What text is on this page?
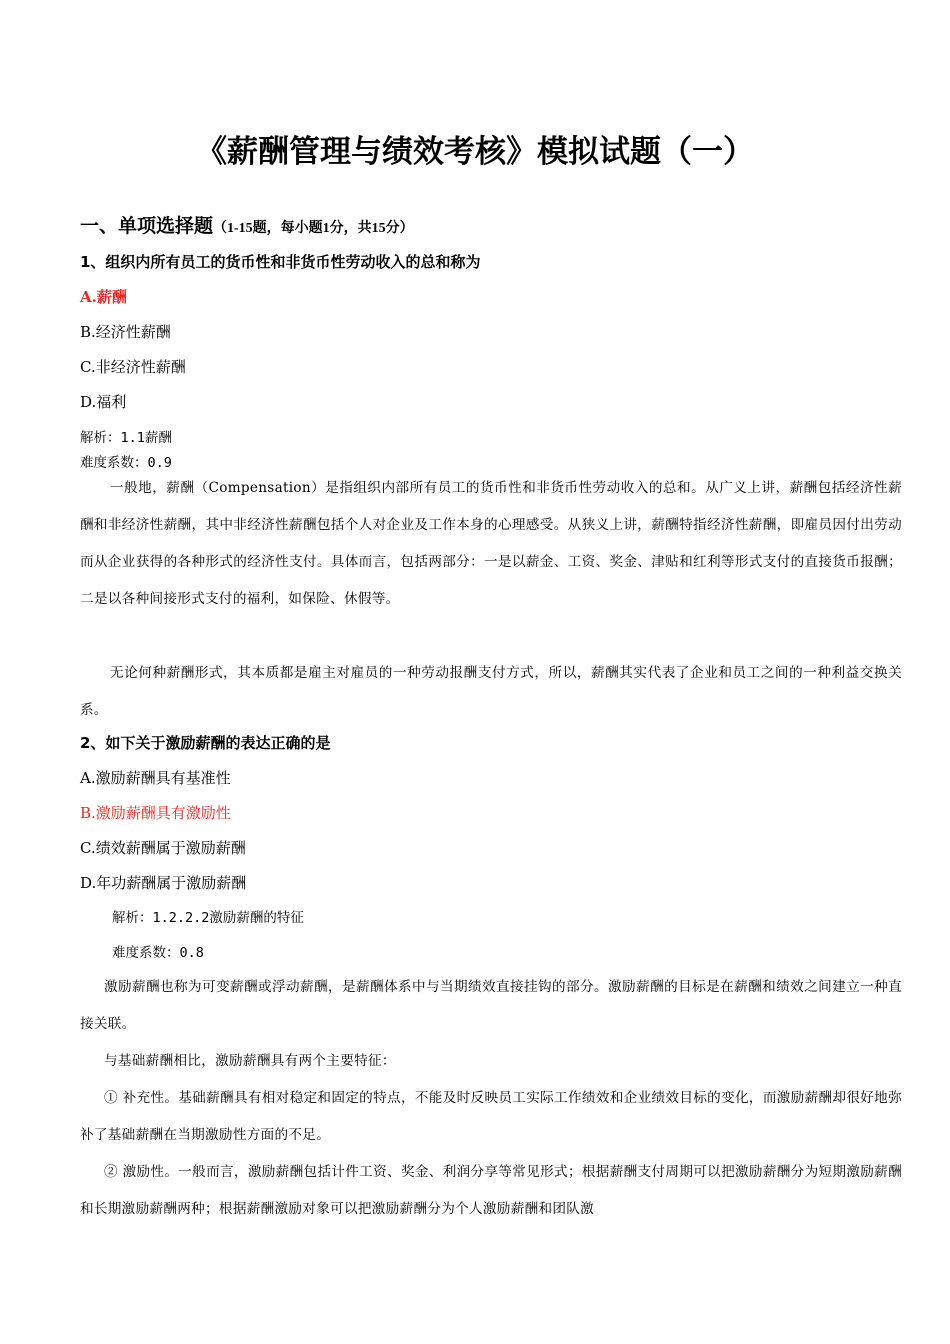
《薪酬管理与绩效考核》模拟试题（一）
一、单项选择题（1-15题，每小题1分，共15分）
1、组织内所有员工的货币性和非货币性劳动收入的总和称为
A.薪酬
B.经济性薪酬
C.非经济性薪酬
D.福利
解析：1.1薪酬
难度系数：0.9
一般地，薪酬（Compensation）是指组织内部所有员工的货币性和非货币性劳动收入的总和。从广义上讲，薪酬包括经济性薪酬和非经济性薪酬，其中非经济性薪酬包括个人对企业及工作本身的心理感受。从狭义上讲，薪酬特指经济性薪酬，即雇员因付出劳动而从企业获得的各种形式的经济性支付。具体而言，包括两部分：一是以薪金、工资、奖金、津贴和红利等形式支付的直接货币报酬；二是以各种间接形式支付的福利，如保险、休假等。
无论何种薪酬形式，其本质都是雇主对雇员的一种劳动报酬支付方式，所以，薪酬其实代表了企业和员工之间的一种利益交换关系。
2、如下关于激励薪酬的表达正确的是
A.激励薪酬具有基准性
B.激励薪酬具有激励性
C.绩效薪酬属于激励薪酬
D.年功薪酬属于激励薪酬
解析：1.2.2.2激励薪酬的特征
难度系数：0.8
激励薪酬也称为可变薪酬或浮动薪酬，是薪酬体系中与当期绩效直接挂钩的部分。激励薪酬的目标是在薪酬和绩效之间建立一种直接关联。
与基础薪酬相比，激励薪酬具有两个主要特征：
① 补充性。基础薪酬具有相对稳定和固定的特点，不能及时反映员工实际工作绩效和企业绩效目标的变化，而激励薪酬却很好地弥补了基础薪酬在当期激励性方面的不足。
② 激励性。一般而言，激励薪酬包括计件工资、奖金、利润分享等常见形式；根据薪酬支付周期可以把激励薪酬分为短期激励薪酬和长期激励薪酬两种；根据薪酬激励对象可以把激励薪酬分为个人激励薪酬和团队激
